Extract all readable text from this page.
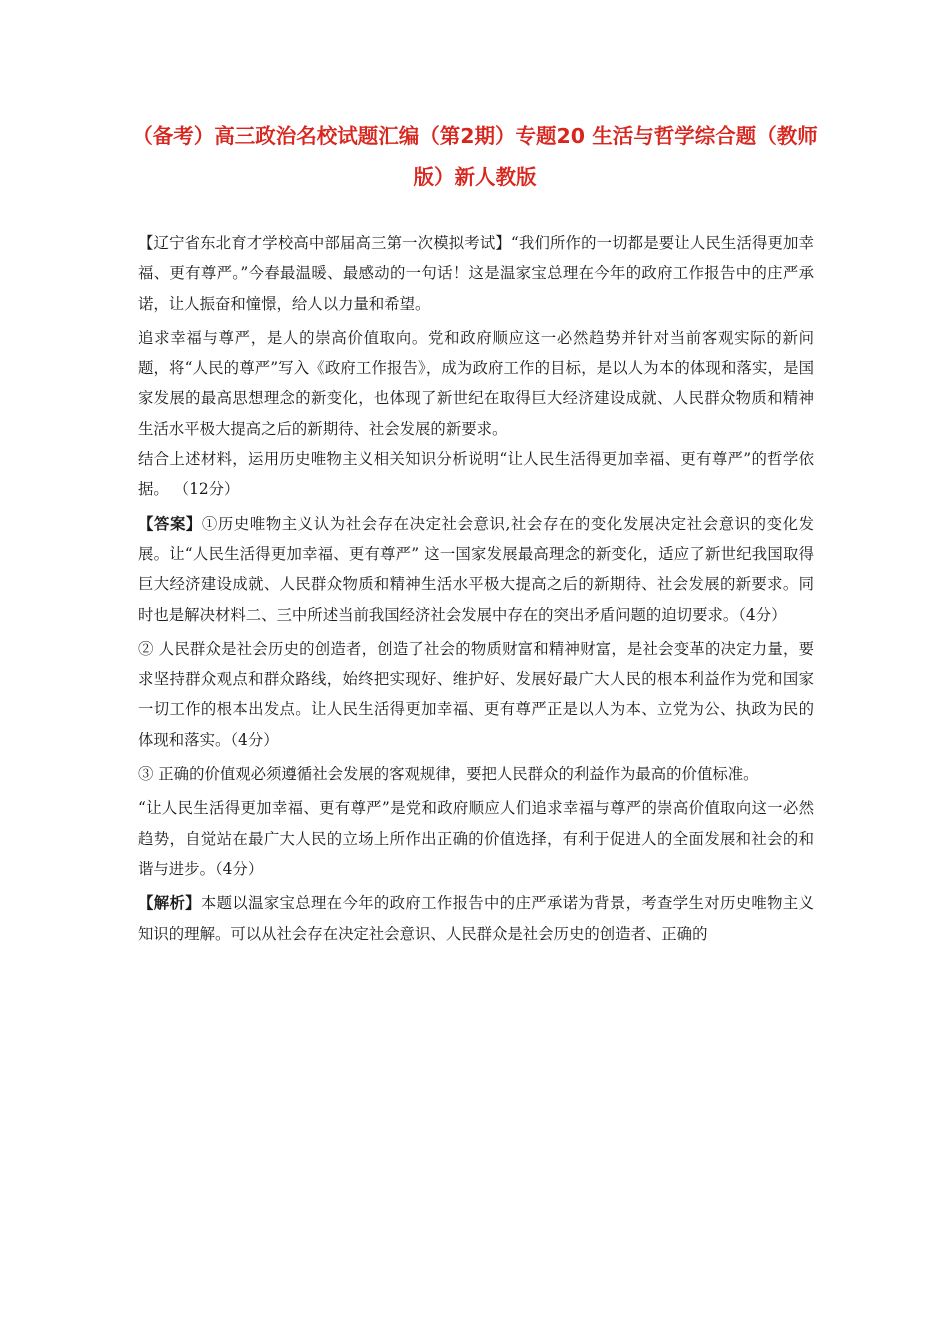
（备考）高三政治名校试题汇编（第2期）专题20 生活与哲学综合题（教师版）新人教版

【辽宁省东北育才学校高中部届高三第一次模拟考试】“我们所作的一切都是要让人民生活得更加幸福、更有尊严。”今春最温暖、最感动的一句话！这是温家宝总理在今年的政府工作报告中的庄严承诺，让人振奋和憧憬，给人以力量和希望。

追求幸福与尊严，是人的崇高价值取向。党和政府顺应这一必然趋势并针对当前客观实际的新问题，将“人民的尊严”写入《政府工作报告》，成为政府工作的目标，是以人为本的体现和落实，是国家发展的最高思想理念的新变化，也体现了新世纪在取得巨大经济建设成就、人民群众物质和精神生活水平极大提高之后的新期待、社会发展的新要求。

结合上述材料，运用历史唯物主义相关知识分析说明“让人民生活得更加幸福、更有尊严”的哲学依据。 （12分）

【答案】①历史唯物主义认为社会存在决定社会意识,社会存在的变化发展决定社会意识的变化发展。让“人民生活得更加幸福、更有尊严” 这一国家发展最高理念的新变化，适应了新世纪我国取得巨大经济建设成就、人民群众物质和精神生活水平极大提高之后的新期待、社会发展的新要求。同时也是解决材料二、三中所述当前我国经济社会发展中存在的突出矛盾问题的迫切要求。（4分）

② 人民群众是社会历史的创造者，创造了社会的物质财富和精神财富，是社会变革的决定力量，要求坚持群众观点和群众路线，始终把实现好、维护好、发展好最广大人民的根本利益作为党和国家一切工作的根本出发点。让人民生活得更加幸福、更有尊严正是以人为本、立党为公、执政为民的体现和落实。（4分）

③ 正确的价值观必须遵循社会发展的客观规律，要把人民群众的利益作为最高的价值标准。

“让人民生活得更加幸福、更有尊严”是党和政府顺应人们追求幸福与尊严的崇高价值取向这一必然趋势，自觉站在最广大人民的立场上所作出正确的价值选择，有利于促进人的全面发展和社会的和谐与进步。（4分）

【解析】本题以温家宝总理在今年的政府工作报告中的庄严承诺为背景，考查学生对历史唯物主义知识的理解。可以从社会存在决定社会意识、人民群众是社会历史的创造者、正确的
